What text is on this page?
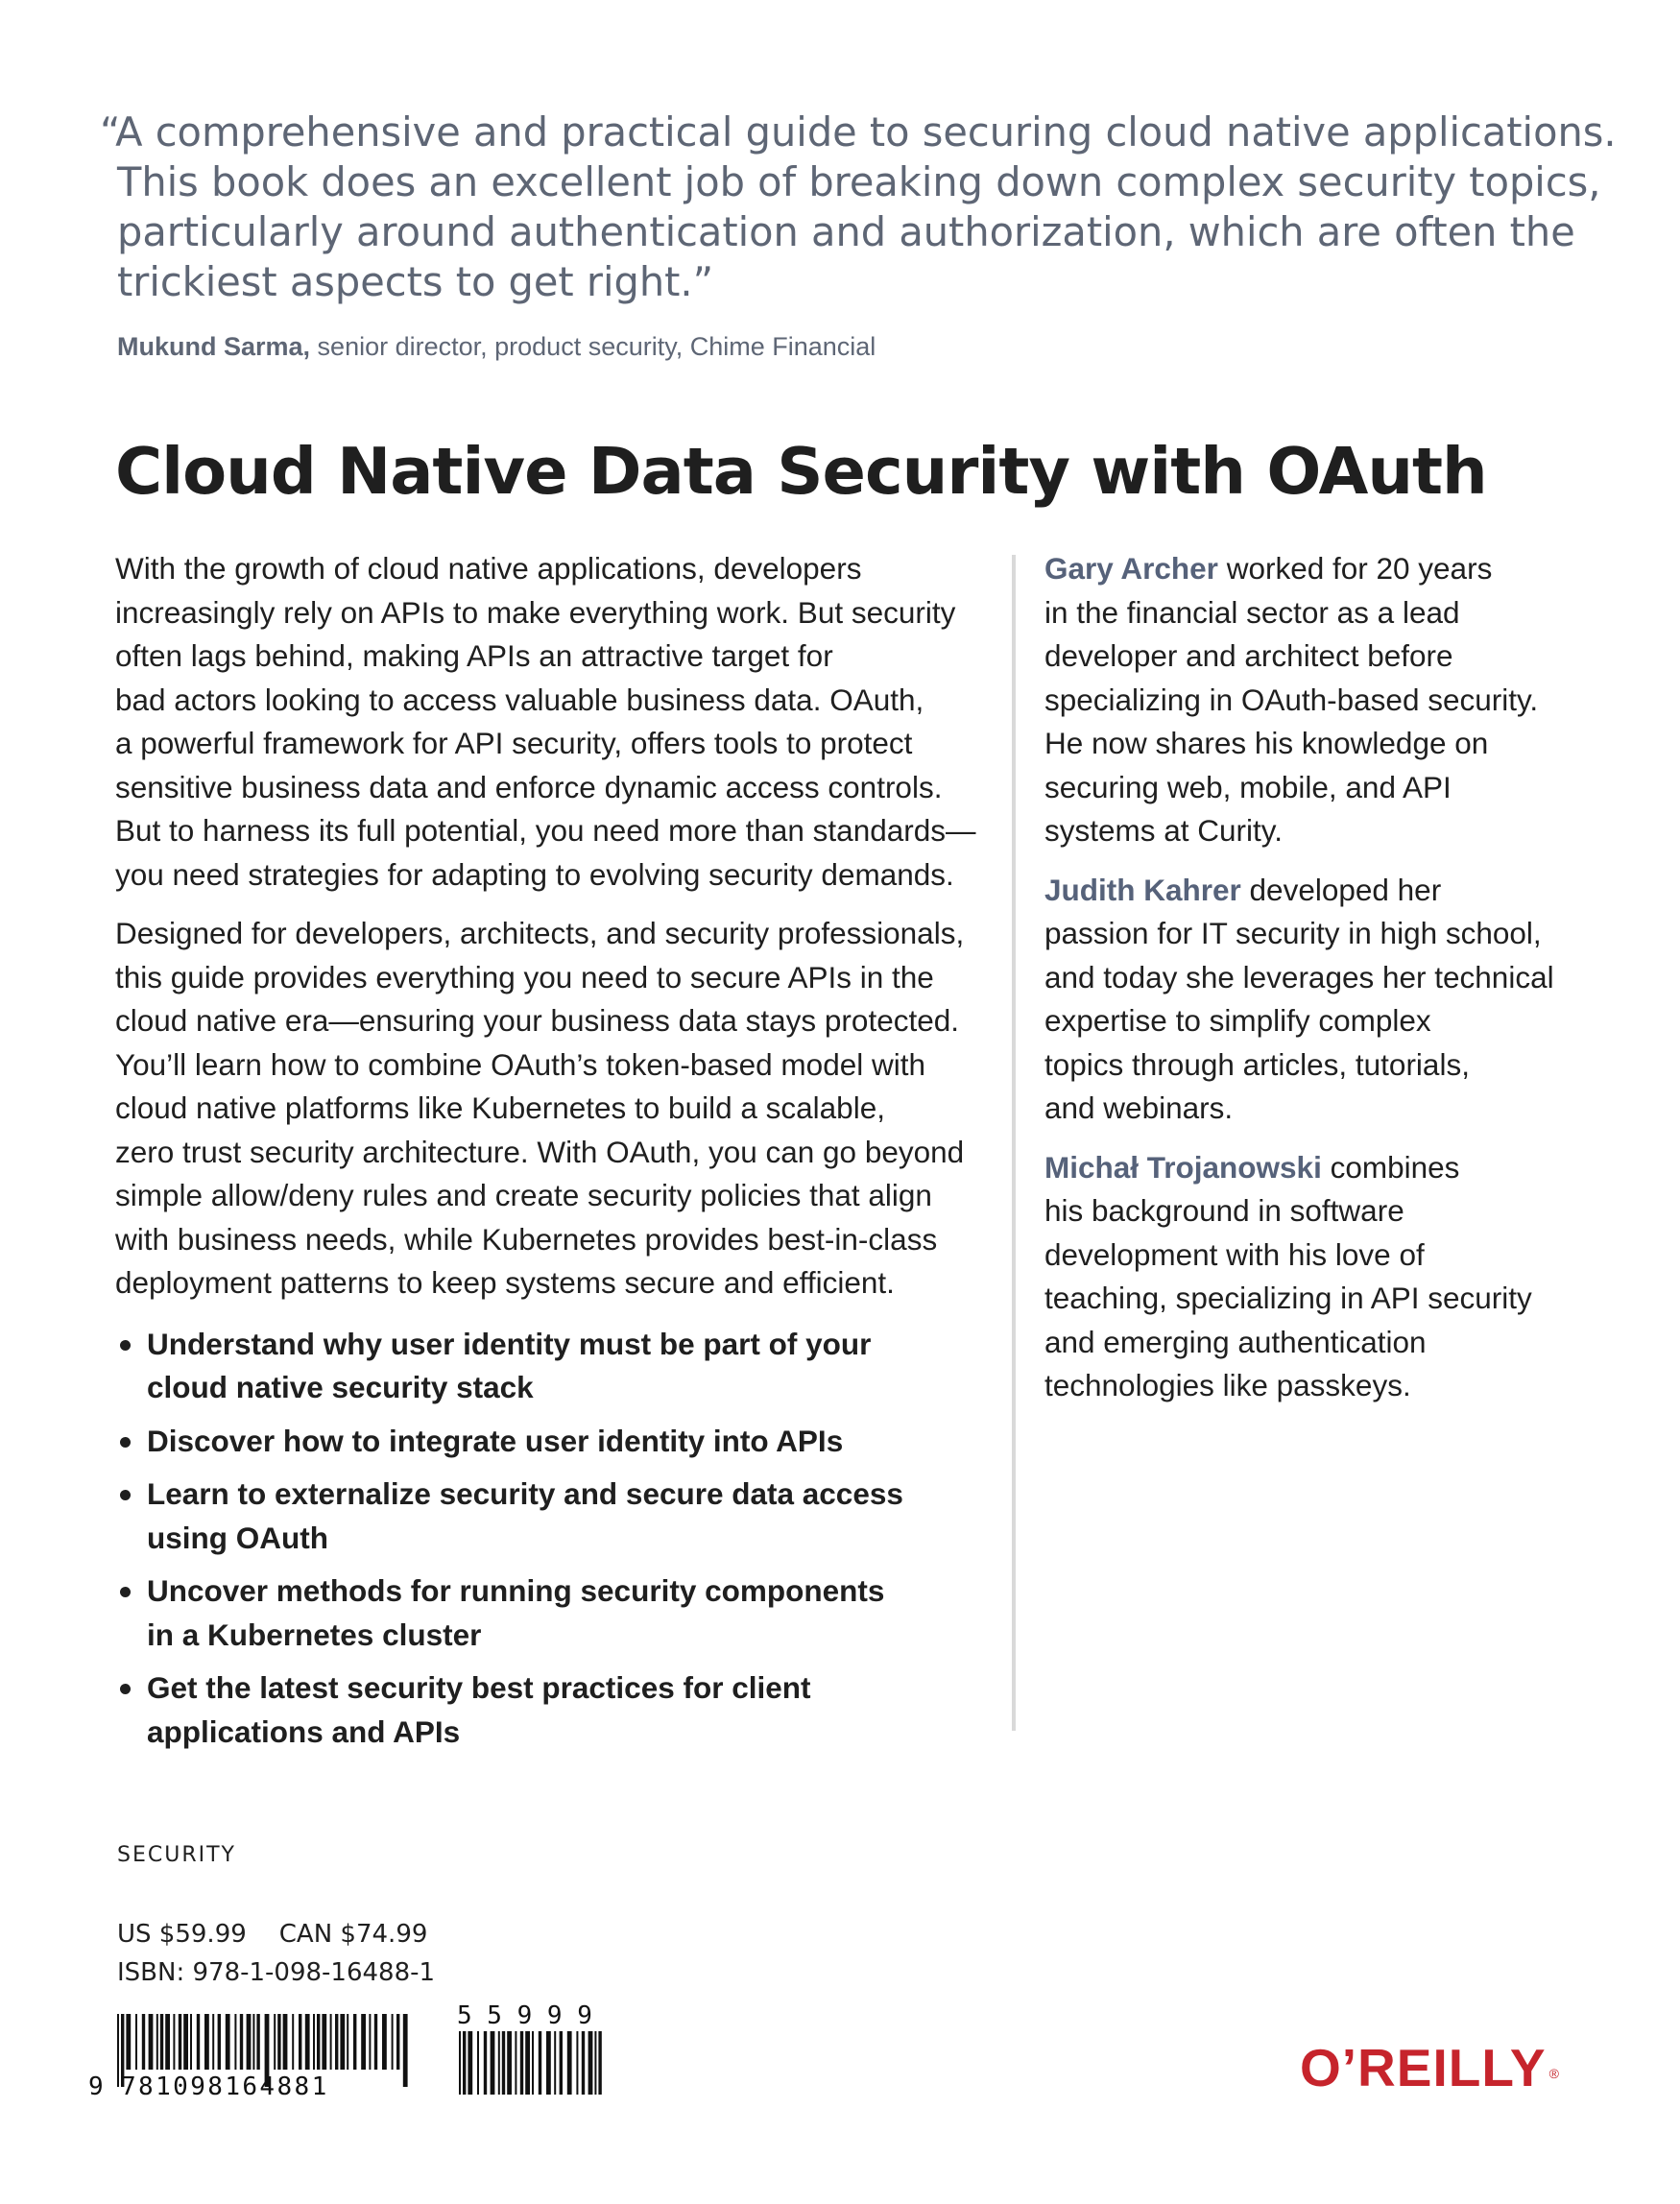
“A comprehensive and practical guide to securing cloud native applications.
This book does an excellent job of breaking down complex security topics,
particularly around authentication and authorization, which are often the
trickiest aspects to get right.”
Mukund Sarma, senior director, product security, Chime Financial
Cloud Native Data Security with OAuth
With the growth of cloud native applications, developers
increasingly rely on APIs to make everything work. But security
often lags behind, making APIs an attractive target for
bad actors looking to access valuable business data. OAuth,
a powerful framework for API security, offers tools to protect
sensitive business data and enforce dynamic access controls.
But to harness its full potential, you need more than standards—
you need strategies for adapting to evolving security demands.
Designed for developers, architects, and security professionals,
this guide provides everything you need to secure APIs in the
cloud native era—ensuring your business data stays protected.
You’ll learn how to combine OAuth’s token-based model with
cloud native platforms like Kubernetes to build a scalable,
zero trust security architecture. With OAuth, you can go beyond
simple allow/deny rules and create security policies that align
with business needs, while Kubernetes provides best-in-class
deployment patterns to keep systems secure and efficient.
Understand why user identity must be part of your
cloud native security stack
Discover how to integrate user identity into APIs
Learn to externalize security and secure data access
using OAuth
Uncover methods for running security components
in a Kubernetes cluster
Get the latest security best practices for client
applications and APIs
Gary Archer worked for 20 years
in the financial sector as a lead
developer and architect before
specializing in OAuth-based security.
He now shares his knowledge on
securing web, mobile, and API
systems at Curity.
Judith Kahrer developed her
passion for IT security in high school,
and today she leverages her technical
expertise to simplify complex
topics through articles, tutorials,
and webinars.
Michał Trojanowski combines
his background in software
development with his love of
teaching, specializing in API security
and emerging authentication
technologies like passkeys.
SECURITY
US $59.99 CAN $74.99
ISBN: 978-1-098-16488-1
9 781098164881
5 5 9 9 9
O’REILLY ®
